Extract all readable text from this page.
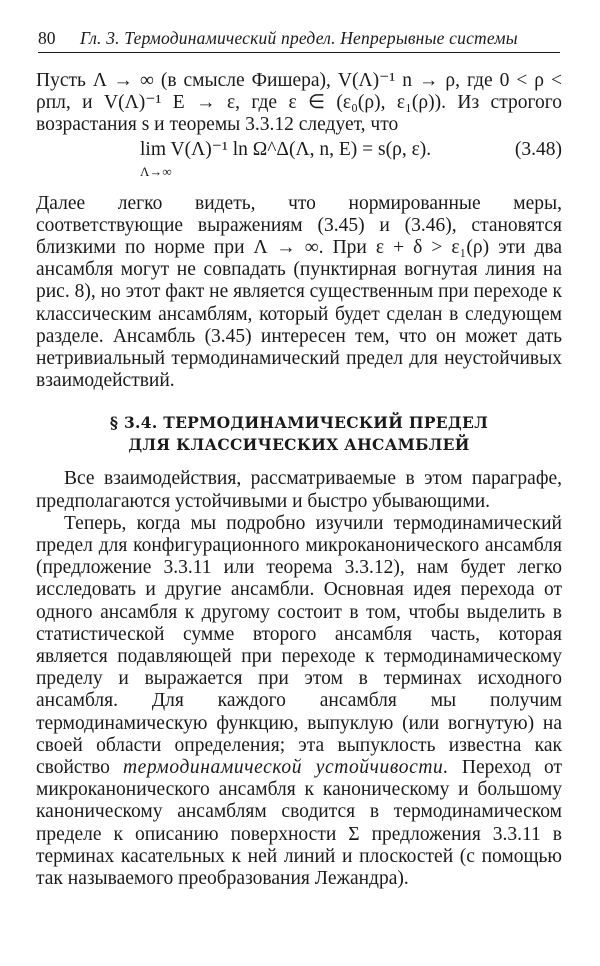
80 Гл. 3. Термодинамический предел. Непрерывные системы

Пусть Λ → ∞ (в смысле Фишера), V(Λ)⁻¹ n → ρ, где 0 < ρ < ρпл, и V(Λ)⁻¹ E → ε, где ε ∈ (ε₀(ρ), ε₁(ρ)). Из строгого возрастания s и теоремы 3.3.12 следует, что

lim V(Λ)⁻¹ ln Ω^Δ(Λ, n, E) = s(ρ, ε).
Λ→∞
(3.48)

Далее легко видеть, что нормированные меры, соответствующие выражениям (3.45) и (3.46), становятся близкими по норме при Λ → ∞. При ε + δ > ε₁(ρ) эти два ансамбля могут не совпадать (пунктирная вогнутая линия на рис. 8), но этот факт не является существенным при переходе к классическим ансамблям, который будет сделан в следующем разделе. Ансамбль (3.45) интересен тем, что он может дать нетривиальный термодинамический предел для неустойчивых взаимодействий.

§ 3.4. ТЕРМОДИНАМИЧЕСКИЙ ПРЕДЕЛ
ДЛЯ КЛАССИЧЕСКИХ АНСАМБЛЕЙ

Все взаимодействия, рассматриваемые в этом параграфе, предполагаются устойчивыми и быстро убывающими.

Теперь, когда мы подробно изучили термодинамический предел для конфигурационного микроканонического ансамбля (предложение 3.3.11 или теорема 3.3.12), нам будет легко исследовать и другие ансамбли. Основная идея перехода от одного ансамбля к другому состоит в том, чтобы выделить в статистической сумме второго ансамбля часть, которая является подавляющей при переходе к термодинамическому пределу и выражается при этом в терминах исходного ансамбля. Для каждого ансамбля мы получим термодинамическую функцию, выпуклую (или вогнутую) на своей области определения; эта выпуклость известна как свойство термодинамической устойчивости. Переход от микроканонического ансамбля к каноническому и большому каноническому ансамблям сводится в термодинамическом пределе к описанию поверхности Σ предложения 3.3.11 в терминах касательных к ней линий и плоскостей (с помощью так называемого преобразования Лежандра).
